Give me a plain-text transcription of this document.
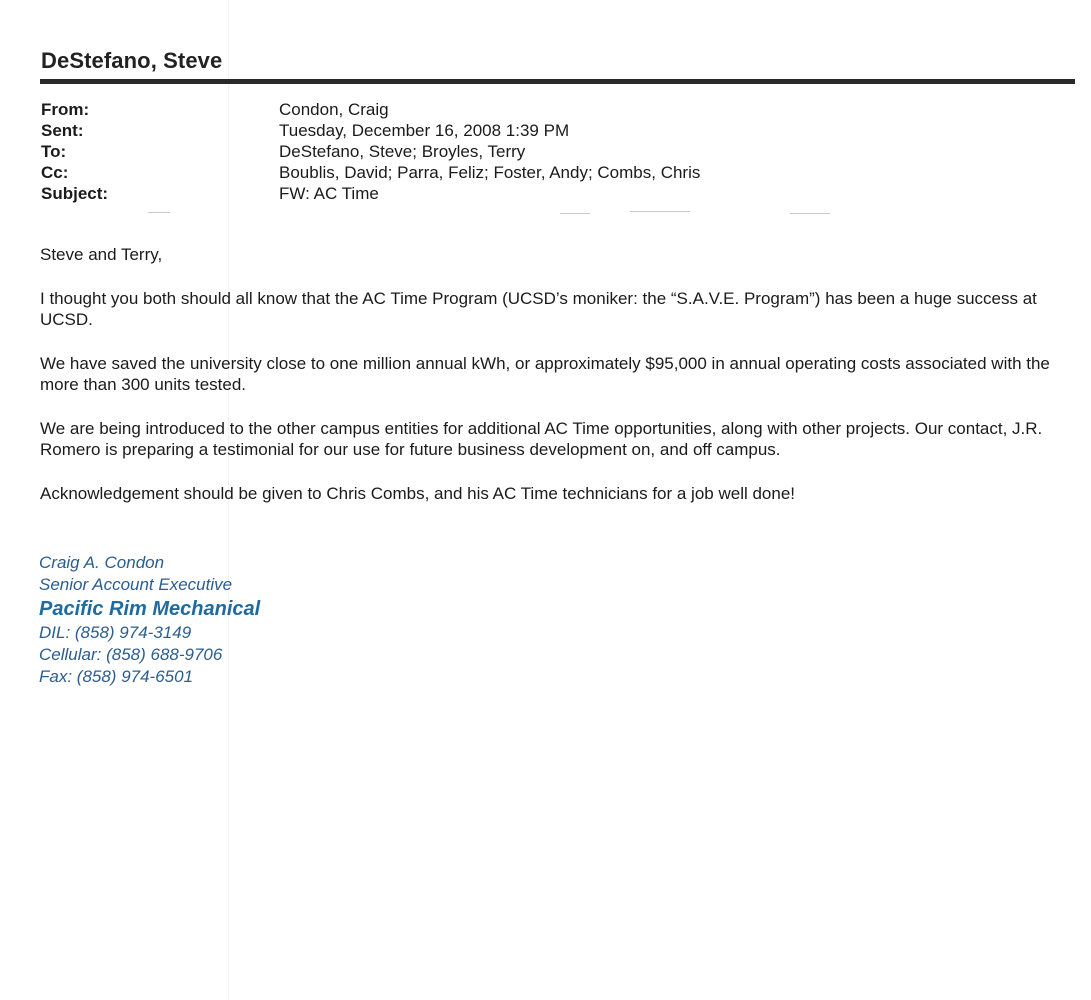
DeStefano, Steve
From:	Condon, Craig
Sent:	Tuesday, December 16, 2008 1:39 PM
To:	DeStefano, Steve; Broyles, Terry
Cc:	Boublis, David; Parra, Feliz; Foster, Andy; Combs, Chris
Subject:	FW: AC Time

Steve and Terry,

I thought you both should all know that the AC Time Program (UCSD’s moniker: the “S.A.V.E. Program”) has been a huge success at UCSD.

We have saved the university close to one million annual kWh, or approximately $95,000 in annual operating costs associated with the more than 300 units tested.

We are being introduced to the other campus entities for additional AC Time opportunities, along with other projects. Our contact, J.R. Romero is preparing a testimonial for our use for future business development on, and off campus.

Acknowledgement should be given to Chris Combs, and his AC Time technicians for a job well done!

Craig A. Condon
Senior Account Executive
Pacific Rim Mechanical
DIL: (858) 974-3149
Cellular: (858) 688-9706
Fax: (858) 974-6501
